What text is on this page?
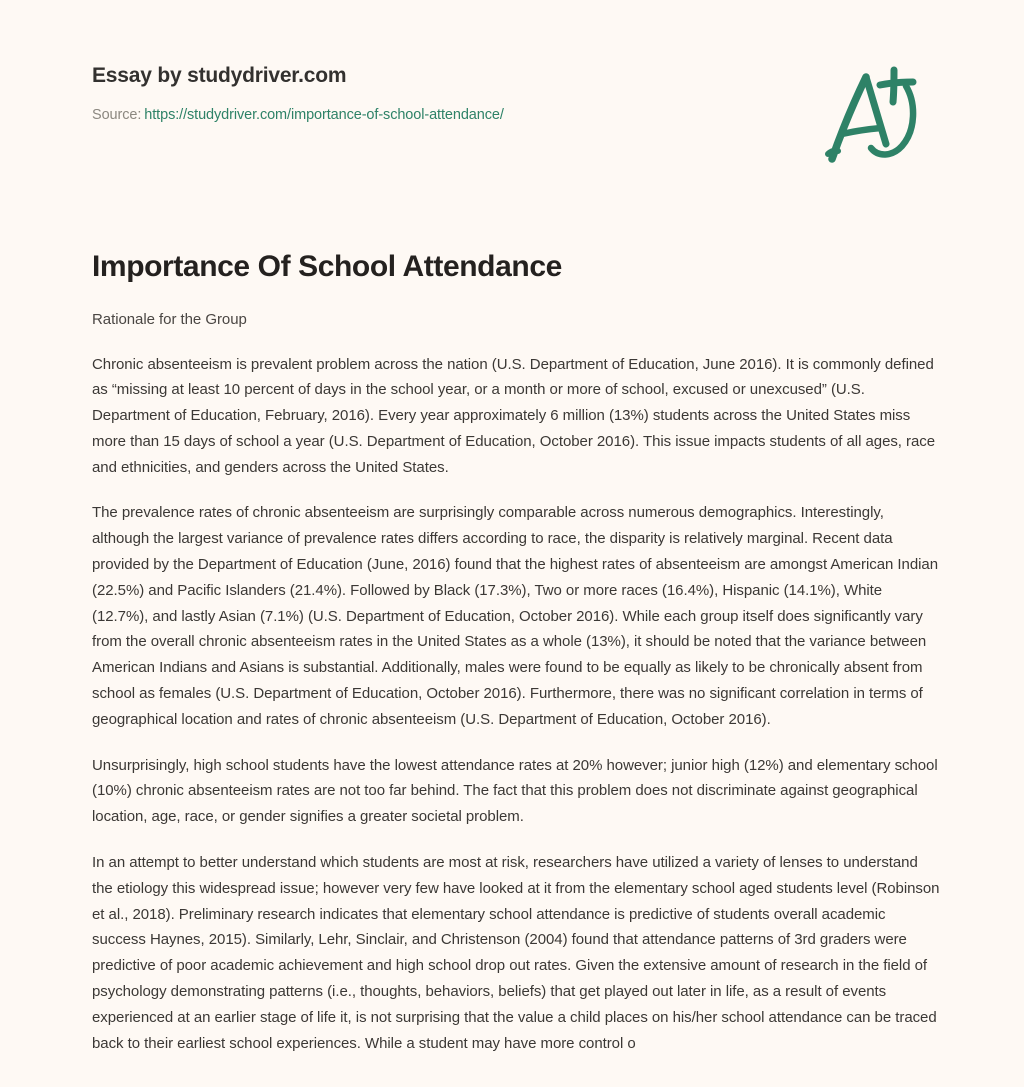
Essay by studydriver.com
Source: https://studydriver.com/importance-of-school-attendance/
Importance Of School Attendance

Rationale for the Group

Chronic absenteeism is prevalent problem across the nation (U.S. Department of Education, June 2016). It is commonly defined as “missing at least 10 percent of days in the school year, or a month or more of school, excused or unexcused” (U.S. Department of Education, February, 2016). Every year approximately 6 million (13%) students across the United States miss more than 15 days of school a year (U.S. Department of Education, October 2016). This issue impacts students of all ages, race and ethnicities, and genders across the United States.

The prevalence rates of chronic absenteeism are surprisingly comparable across numerous demographics. Interestingly, although the largest variance of prevalence rates differs according to race, the disparity is relatively marginal. Recent data provided by the Department of Education (June, 2016) found that the highest rates of absenteeism are amongst American Indian (22.5%) and Pacific Islanders (21.4%). Followed by Black (17.3%), Two or more races (16.4%), Hispanic (14.1%), White (12.7%), and lastly Asian (7.1%) (U.S. Department of Education, October 2016). While each group itself does significantly vary from the overall chronic absenteeism rates in the United States as a whole (13%), it should be noted that the variance between American Indians and Asians is substantial. Additionally, males were found to be equally as likely to be chronically absent from school as females (U.S. Department of Education, October 2016). Furthermore, there was no significant correlation in terms of geographical location and rates of chronic absenteeism (U.S. Department of Education, October 2016).

Unsurprisingly, high school students have the lowest attendance rates at 20% however; junior high (12%) and elementary school (10%) chronic absenteeism rates are not too far behind. The fact that this problem does not discriminate against geographical location, age, race, or gender signifies a greater societal problem.

In an attempt to better understand which students are most at risk, researchers have utilized a variety of lenses to understand the etiology this widespread issue; however very few have looked at it from the elementary school aged students level (Robinson et al., 2018). Preliminary research indicates that elementary school attendance is predictive of students overall academic success Haynes, 2015). Similarly, Lehr, Sinclair, and Christenson (2004) found that attendance patterns of 3rd graders were predictive of poor academic achievement and high school drop out rates. Given the extensive amount of research in the field of psychology demonstrating patterns (i.e., thoughts, behaviors, beliefs) that get played out later in life, as a result of events experienced at an earlier stage of life it, is not surprising that the value a child places on his/her school attendance can be traced back to their earliest school experiences. While a student may have more control o
